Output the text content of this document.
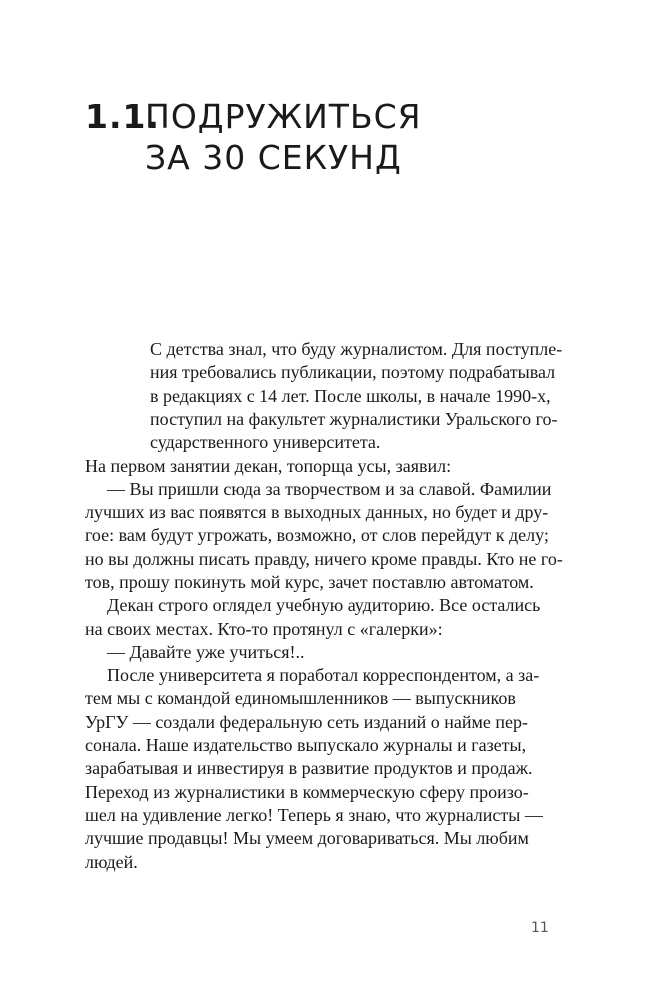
1.1.ПОДРУЖИТЬСЯ
ЗА 30 СЕКУНД
С детства знал, что буду журналистом. Для поступле-
ния требовались публикации, поэтому подрабатывал
в редакциях с 14 лет. После школы, в начале 1990-х,
поступил на факультет журналистики Уральского го-
сударственного университета.
На первом занятии декан, топорща усы, заявил:
— Вы пришли сюда за творчеством и за славой. Фамилии
лучших из вас появятся в выходных данных, но будет и дру-
гое: вам будут угрожать, возможно, от слов перейдут к делу;
но вы должны писать правду, ничего кроме правды. Кто не го-
тов, прошу покинуть мой курс, зачет поставлю автоматом.
Декан строго оглядел учебную аудиторию. Все остались
на своих местах. Кто-то протянул с «галерки»:
— Давайте уже учиться!..
После университета я поработал корреспондентом, а за-
тем мы с командой единомышленников — выпускников
УрГУ — создали федеральную сеть изданий о найме пер-
сонала. Наше издательство выпускало журналы и газеты,
зарабатывая и инвестируя в развитие продуктов и продаж.
Переход из журналистики в коммерческую сферу произо-
шел на удивление легко! Теперь я знаю, что журналисты —
лучшие продавцы! Мы умеем договариваться. Мы любим
людей.
11
